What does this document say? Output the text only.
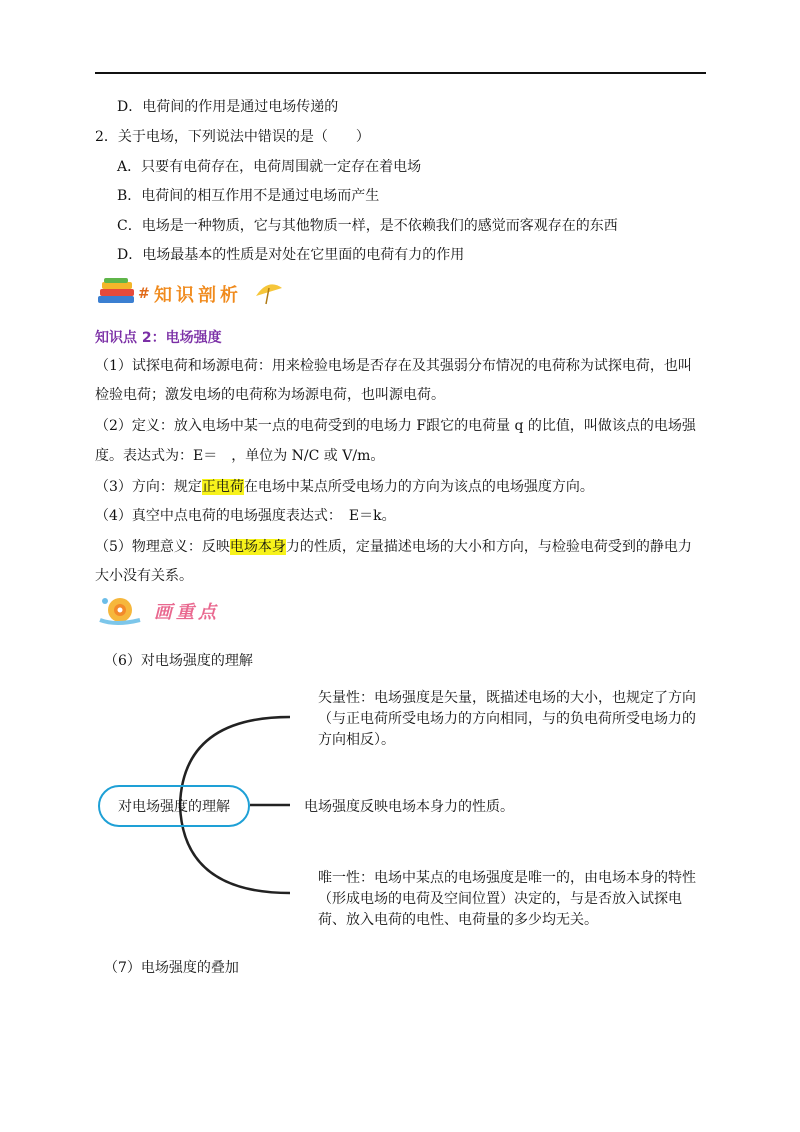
D．电荷间的作用是通过电场传递的
2．关于电场，下列说法中错误的是（　　）
A．只要有电荷存在，电荷周围就一定存在着电场
B．电荷间的相互作用不是通过电场而产生
C．电场是一种物质，它与其他物质一样，是不依赖我们的感觉而客观存在的东西
D．电场最基本的性质是对处在它里面的电荷有力的作用
# 知识剖析
知识点 2：电场强度
（1）试探电荷和场源电荷：用来检验电场是否存在及其强弱分布情况的电荷称为试探电荷，也叫
检验电荷；激发电场的电荷称为场源电荷，也叫源电荷。
（2）定义：放入电场中某一点的电荷受到的电场力 F跟它的电荷量 q 的比值，叫做该点的电场强
度。表达式为：E＝　，单位为 N/C 或 V/m。
（3）方向：规定正电荷在电场中某点所受电场力的方向为该点的电场强度方向。
（4）真空中点电荷的电场强度表达式：　E＝k。
（5）物理意义：反映电场本身力的性质，定量描述电场的大小和方向，与检验电荷受到的静电力
大小没有关系。
画重点
（6）对电场强度的理解
对电场强度的理解
矢量性：电场强度是矢量，既描述电场的大小，也规定了方向
（与正电荷所受电场力的方向相同，与的负电荷所受电场力的
方向相反）。
电场强度反映电场本身力的性质。
唯一性：电场中某点的电场强度是唯一的，由电场本身的特性
（形成电场的电荷及空间位置）决定的，与是否放入试探电
荷、放入电荷的电性、电荷量的多少均无关。
（7）电场强度的叠加
